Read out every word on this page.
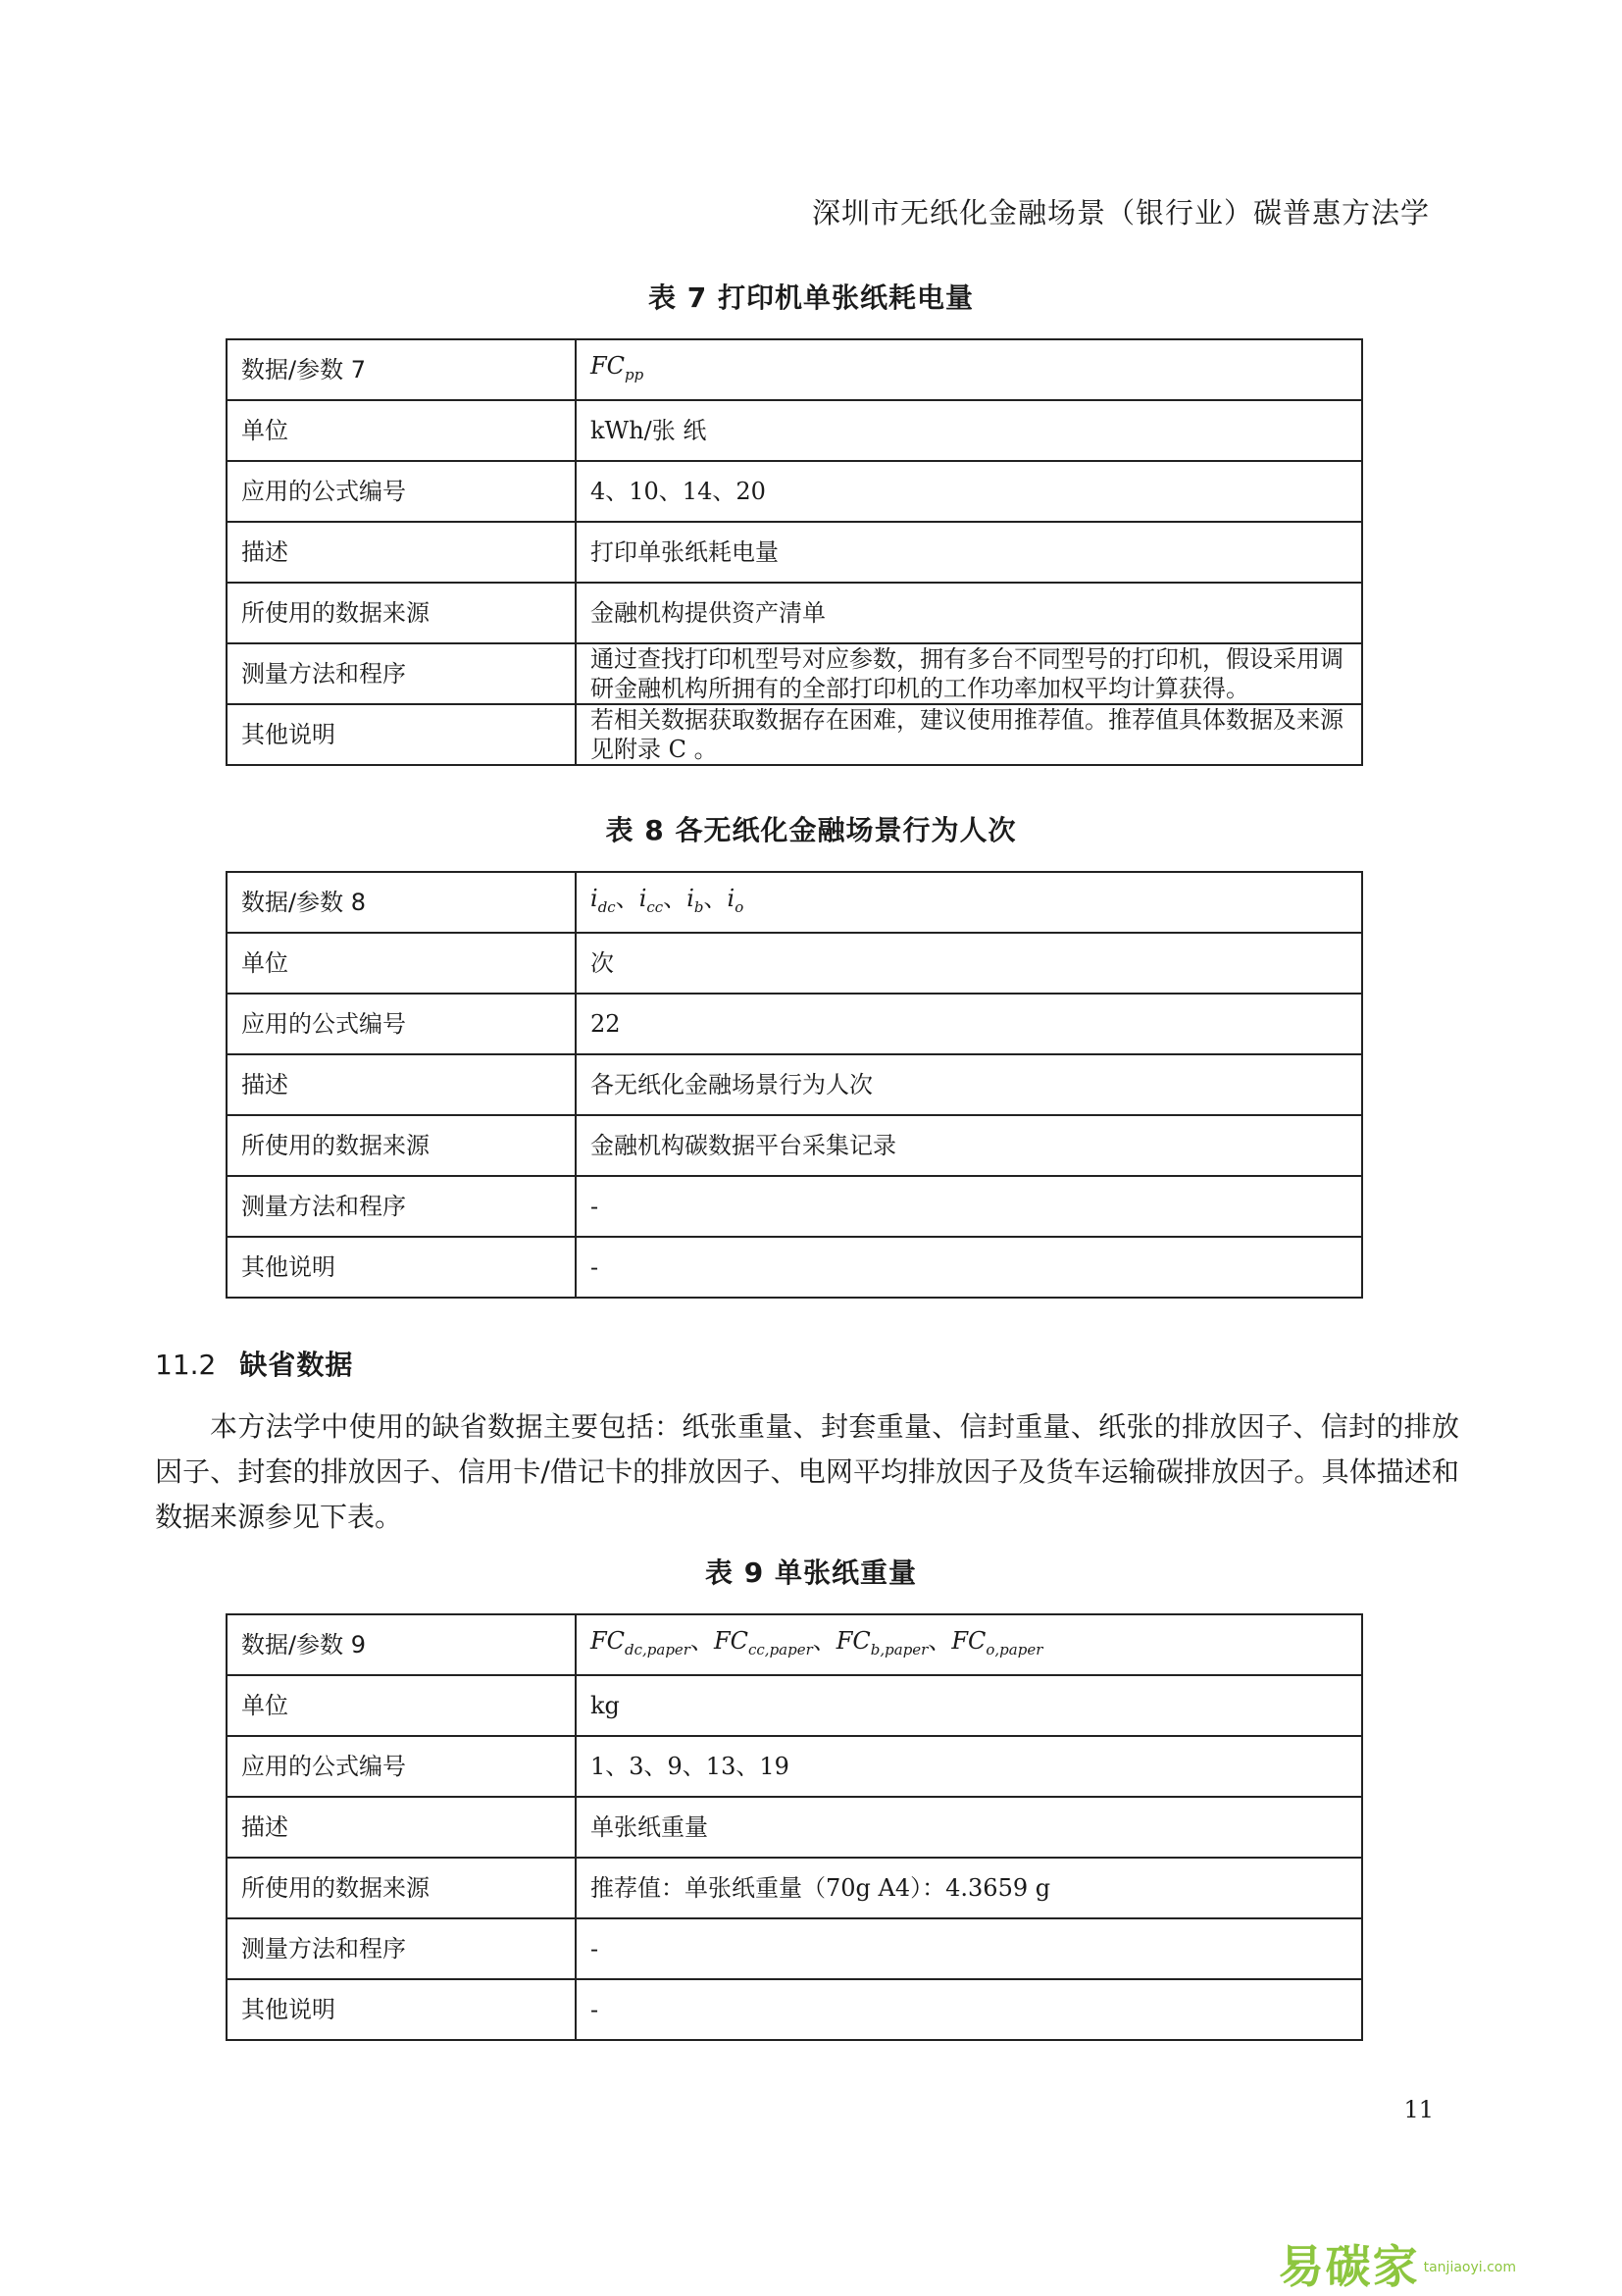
深圳市无纸化金融场景（银行业）碳普惠方法学
表 7 打印机单张纸耗电量
数据/参数 7	$FC_{pp}$
单位	kWh/张 纸
应用的公式编号	4、10、14、20
描述	打印单张纸耗电量
所使用的数据来源	金融机构提供资产清单
测量方法和程序	通过查找打印机型号对应参数，拥有多台不同型号的打印机，假设采用调研金融机构所拥有的全部打印机的工作功率加权平均计算获得。
其他说明	若相关数据获取数据存在困难，建议使用推荐值。推荐值具体数据及来源见附录 C 。
表 8 各无纸化金融场景行为人次
数据/参数 8	$i_{dc}$、$i_{cc}$、$i_b$、$i_o$
单位	次
应用的公式编号	22
描述	各无纸化金融场景行为人次
所使用的数据来源	金融机构碳数据平台采集记录
测量方法和程序	-
其他说明	-
11.2 缺省数据
本方法学中使用的缺省数据主要包括：纸张重量、封套重量、信封重量、纸张的排放因子、信封的排放因子、封套的排放因子、信用卡/借记卡的排放因子、电网平均排放因子及货车运输碳排放因子。具体描述和数据来源参见下表。
表 9 单张纸重量
数据/参数 9	$FC_{dc,paper}$、$FC_{cc,paper}$、$FC_{b,paper}$、$FC_{o,paper}$
单位	kg
应用的公式编号	1、3、9、13、19
描述	单张纸重量
所使用的数据来源	推荐值：单张纸重量（70g A4）：4.3659 g
测量方法和程序	-
其他说明	-
11
易碳家 tanjiaoyi.com
